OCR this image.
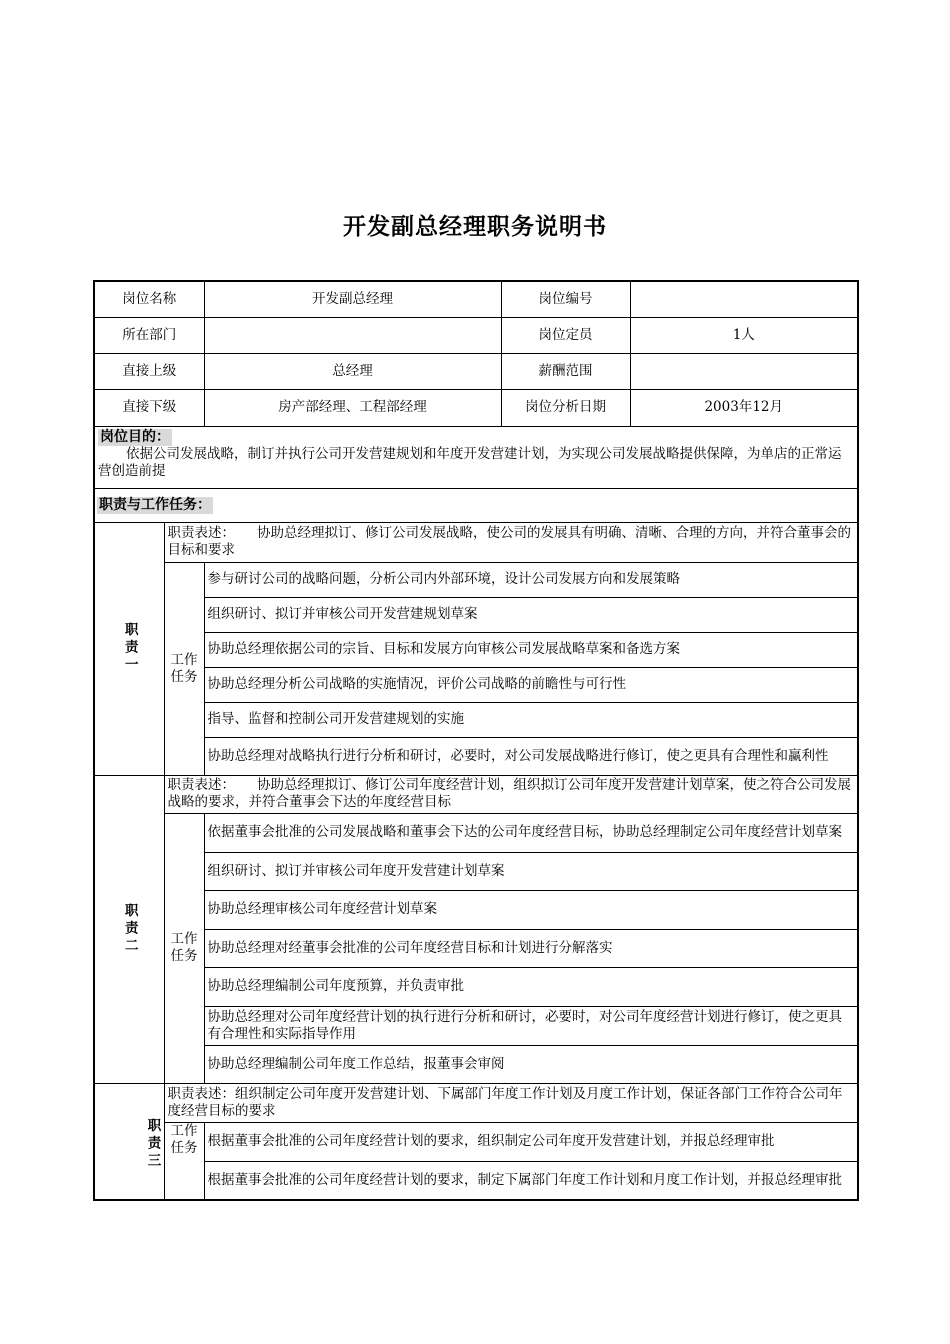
开发副总经理职务说明书
岗位名称		开发副总经理	岗位编号	
所在部门			岗位定员	1人
直接上级		总经理	薪酬范围	
直接下级		房产部经理、工程部经理	岗位分析日期	2003年12月

岗位目的：
依据公司发展战略，制订并执行公司开发营建规划和年度开发营建计划，为实现公司发展战略提供保障，为单店的正常运营创造前提				

职责与工作任务：				
职责一	职责表述： 协助总经理拟订、修订公司发展战略，使公司的发展具有明确、清晰、合理的方向，并符合董事会的目标和要求			
	工作任务	参与研讨公司的战略问题，分析公司内外部环境，设计公司发展方向和发展策略		
		组织研讨、拟订并审核公司开发营建规划草案		
		协助总经理依据公司的宗旨、目标和发展方向审核公司发展战略草案和备选方案		
		协助总经理分析公司战略的实施情况，评价公司战略的前瞻性与可行性		
		指导、监督和控制公司开发营建规划的实施		
		协助总经理对战略执行进行分析和研讨，必要时，对公司发展战略进行修订，使之更具有合理性和赢利性		
职责二	职责表述： 协助总经理拟订、修订公司年度经营计划，组织拟订公司年度开发营建计划草案，使之符合公司发展战略的要求，并符合董事会下达的年度经营目标			
	工作任务	依据董事会批准的公司发展战略和董事会下达的公司年度经营目标，协助总经理制定公司年度经营计划草案		
		组织研讨、拟订并审核公司年度开发营建计划草案		
		协助总经理审核公司年度经营计划草案		
		协助总经理对经董事会批准的公司年度经营目标和计划进行分解落实		
		协助总经理编制公司年度预算，并负责审批		
		协助总经理对公司年度经营计划的执行进行分析和研讨，必要时，对公司年度经营计划进行修订，使之更具有合理性和实际指导作用		
		协助总经理编制公司年度工作总结，报董事会审阅		
职责三	职责表述：组织制定公司年度开发营建计划、下属部门年度工作计划及月度工作计划，保证各部门工作符合公司年度经营目标的要求			
	工作任务	根据董事会批准的公司年度经营计划的要求，组织制定公司年度开发营建计划，并报总经理审批		
		根据董事会批准的公司年度经营计划的要求，制定下属部门年度工作计划和月度工作计划，并报总经理审批		
